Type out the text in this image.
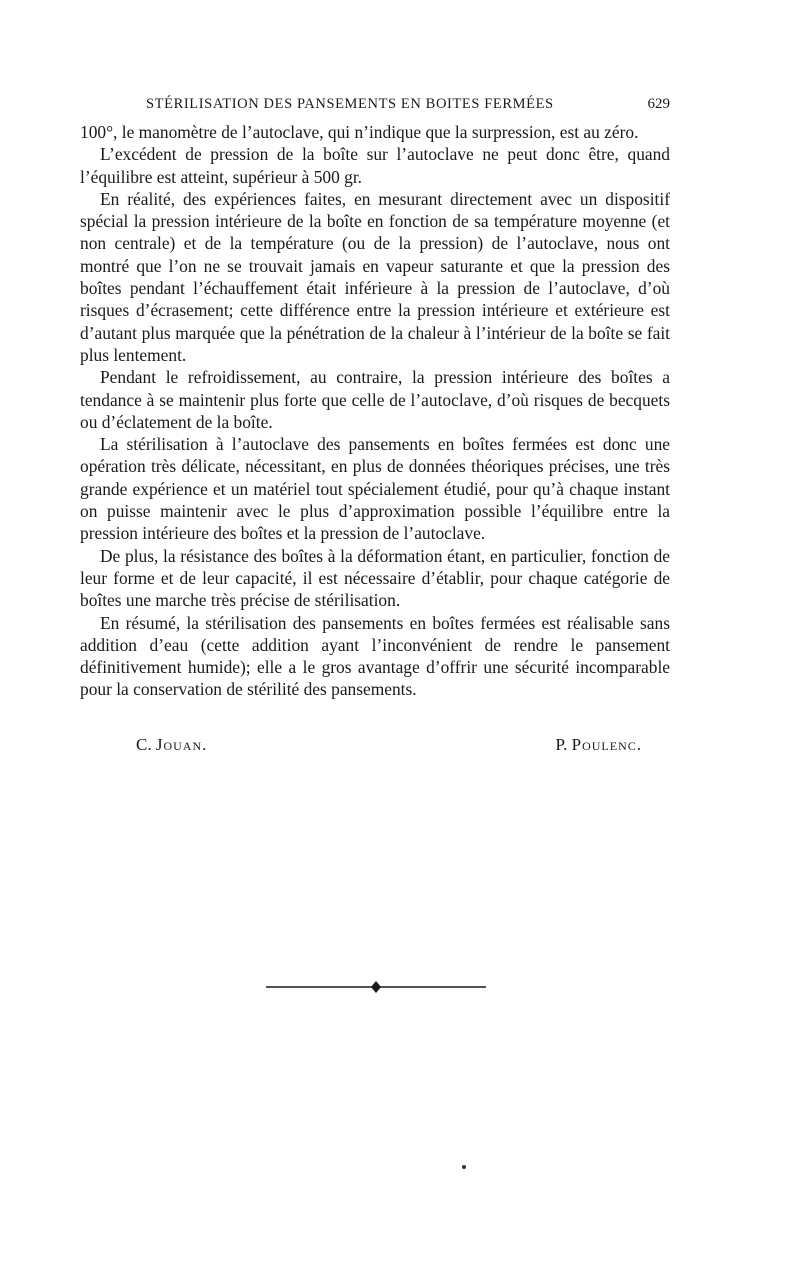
STÉRILISATION DES PANSEMENTS EN BOITES FERMÉES	629

100°, le manomètre de l’autoclave, qui n’indique que la surpression, est au zéro.

L’excédent de pression de la boîte sur l’autoclave ne peut donc être, quand l’équilibre est atteint, supérieur à 500 gr.

En réalité, des expériences faites, en mesurant directement avec un dispositif spécial la pression intérieure de la boîte en fonction de sa température moyenne (et non centrale) et de la température (ou de la pression) de l’autoclave, nous ont montré que l’on ne se trouvait jamais en vapeur saturante et que la pression des boîtes pendant l’échauffement était inférieure à la pression de l’autoclave, d’où risques d’écrasement; cette différence entre la pression intérieure et extérieure est d’autant plus marquée que la pénétration de la chaleur à l’intérieur de la boîte se fait plus lentement.

Pendant le refroidissement, au contraire, la pression intérieure des boîtes a tendance à se maintenir plus forte que celle de l’autoclave, d’où risques de becquets ou d’éclatement de la boîte.

La stérilisation à l’autoclave des pansements en boîtes fermées est donc une opération très délicate, nécessitant, en plus de données théoriques précises, une très grande expérience et un matériel tout spécialement étudié, pour qu’à chaque instant on puisse maintenir avec le plus d’approximation possible l’équilibre entre la pression intérieure des boîtes et la pression de l’autoclave.

De plus, la résistance des boîtes à la déformation étant, en particulier, fonction de leur forme et de leur capacité, il est nécessaire d’établir, pour chaque catégorie de boîtes une marche très précise de stérilisation.

En résumé, la stérilisation des pansements en boîtes fermées est réalisable sans addition d’eau (cette addition ayant l’inconvénient de rendre le pansement définitivement humide); elle a le gros avantage d’offrir une sécurité incomparable pour la conservation de stérilité des pansements.

C. Jouan.	P. Poulenc.
